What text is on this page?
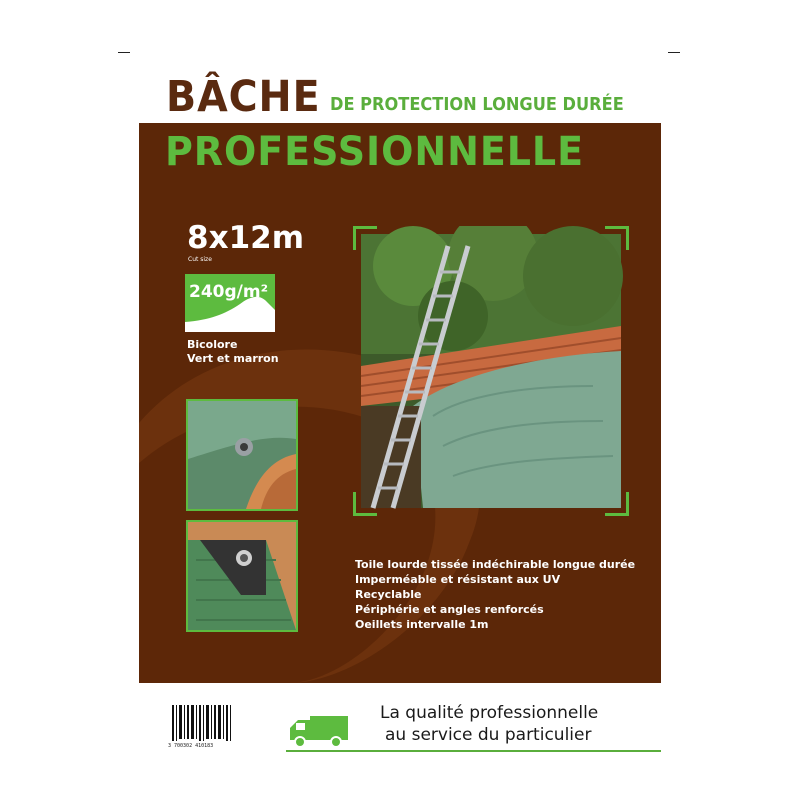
BÂCHE DE PROTECTION LONGUE DURÉE
PROFESSIONNELLE
8x12m
Cut size
240g/m²
Bicolore
Vert et marron
Toile lourde tissée indéchirable longue durée
Imperméable et résistant aux UV
Recyclable
Périphérie et angles renforcés
Oeillets intervalle 1m
3 700302 410183
La qualité professionnelle
au service du particulier
